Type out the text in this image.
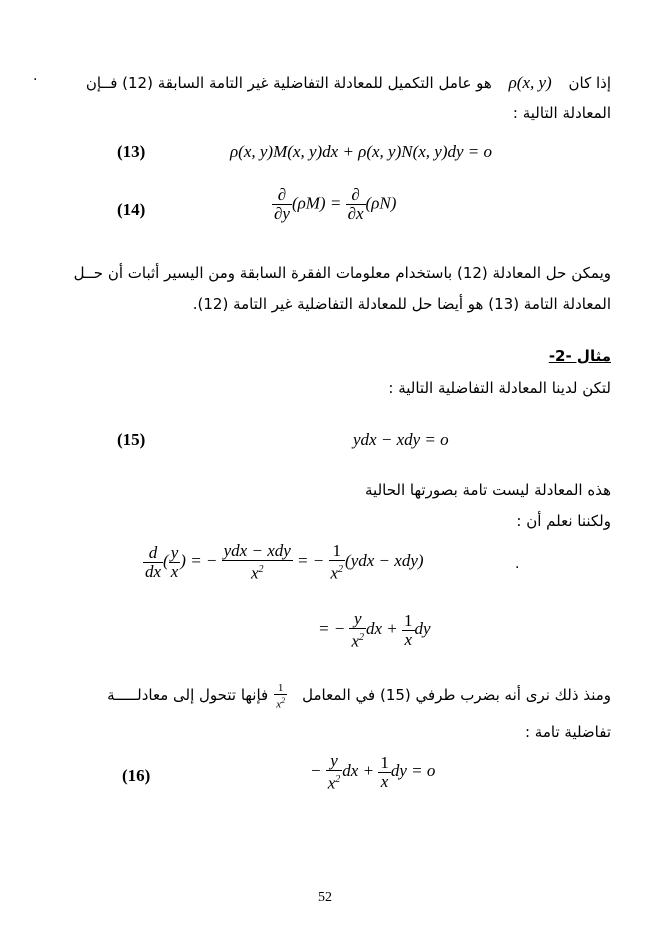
.	إذا كان ρ(x, y) هو عامل التكميل للمعادلة التفاضلية غير التامة السابقة (12) فــإن
المعادلة التالية :
(13)	ρ(x, y)M(x, y)dx + ρ(x, y)N(x, y)dy = o
(14)	$\frac{\partial}{\partial y} (\rho M) = \frac{\partial}{\partial x} (\rho N)$
ويمكن حل المعادلة (12) باستخدام معلومات الفقرة السابقة ومن اليسير أثبات أن حــل
المعادلة التامة (13) هو أيضا حل للمعادلة التفاضلية غير التامة (12).
مثال -2-
لتكن لدينا المعادلة التفاضلية التالية :
(15)	ydx − xdy = o
هذه المعادلة ليست تامة بصورتها الحالية
ولكننا نعلم أن :
$\frac{d}{dx}$ ( $\frac{y}{x}$ ) = − $\frac{\text{ydx − xdy}}{x^2}$ = − $\frac{1}{x^2} (ydx - xdy)$	.
= − $\frac{y}{x^2}$ dx + $\frac{1}{x}$ dy
ومنذ ذلك نرى أنه بضرب طرفي (15) في المعامل
$\frac{1}{x^2}$
فإنها تتحول إلى معادلـــــة
تفاضلية تامة :
(16)	− $\frac{y}{x^2}$ dx + $\frac{1}{x}$ dy = o
52
